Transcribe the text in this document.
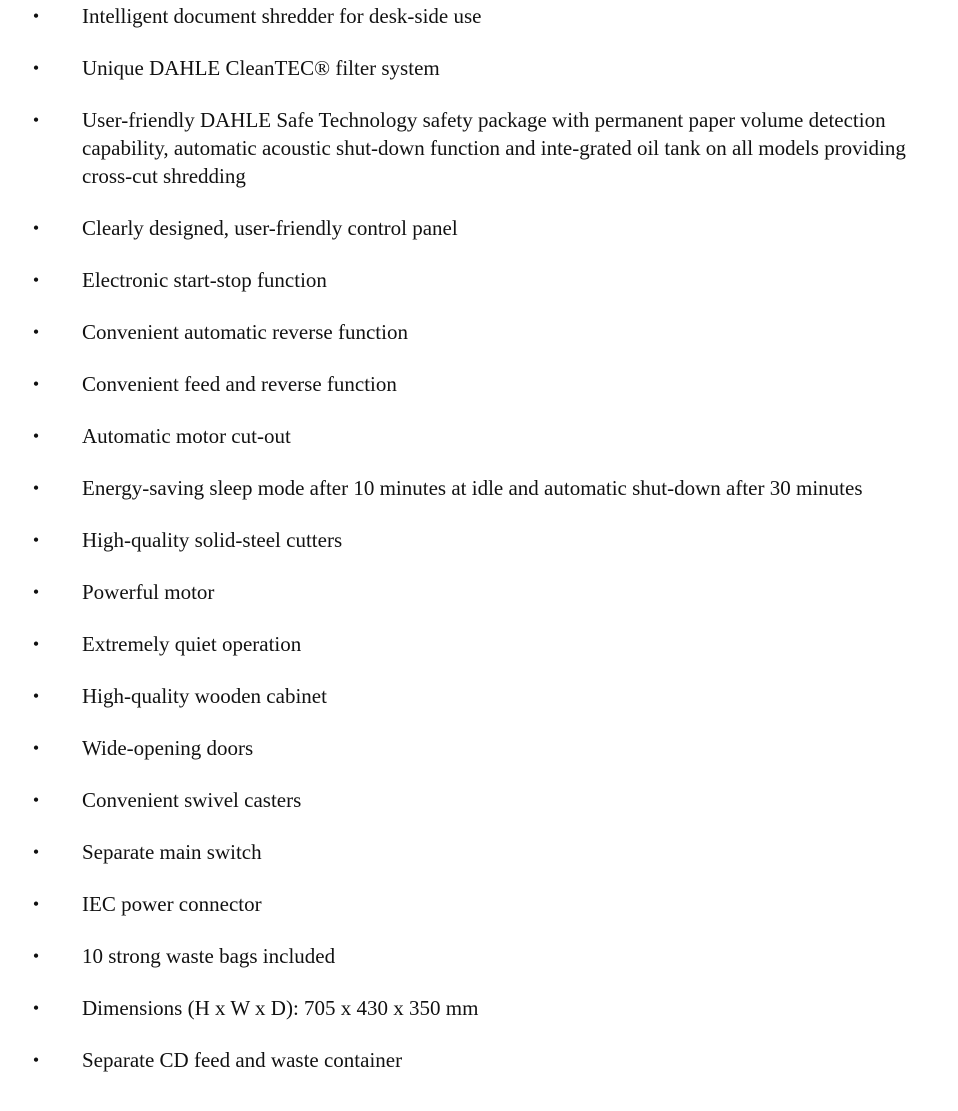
• Intelligent document shredder for desk-side use
• Unique DAHLE CleanTEC® filter system
• User-friendly DAHLE Safe Technology safety package with permanent paper volume detection capability, automatic acoustic shut-down function and inte-grated oil tank on all models providing cross-cut shredding
• Clearly designed, user-friendly control panel
• Electronic start-stop function
• Convenient automatic reverse function
• Convenient feed and reverse function
• Automatic motor cut-out
• Energy-saving sleep mode after 10 minutes at idle and automatic shut-down after 30 minutes
• High-quality solid-steel cutters
• Powerful motor
• Extremely quiet operation
• High-quality wooden cabinet
• Wide-opening doors
• Convenient swivel casters
• Separate main switch
• IEC power connector
• 10 strong waste bags included
• Dimensions (H x W x D): 705 x 430 x 350 mm
• Separate CD feed and waste container
